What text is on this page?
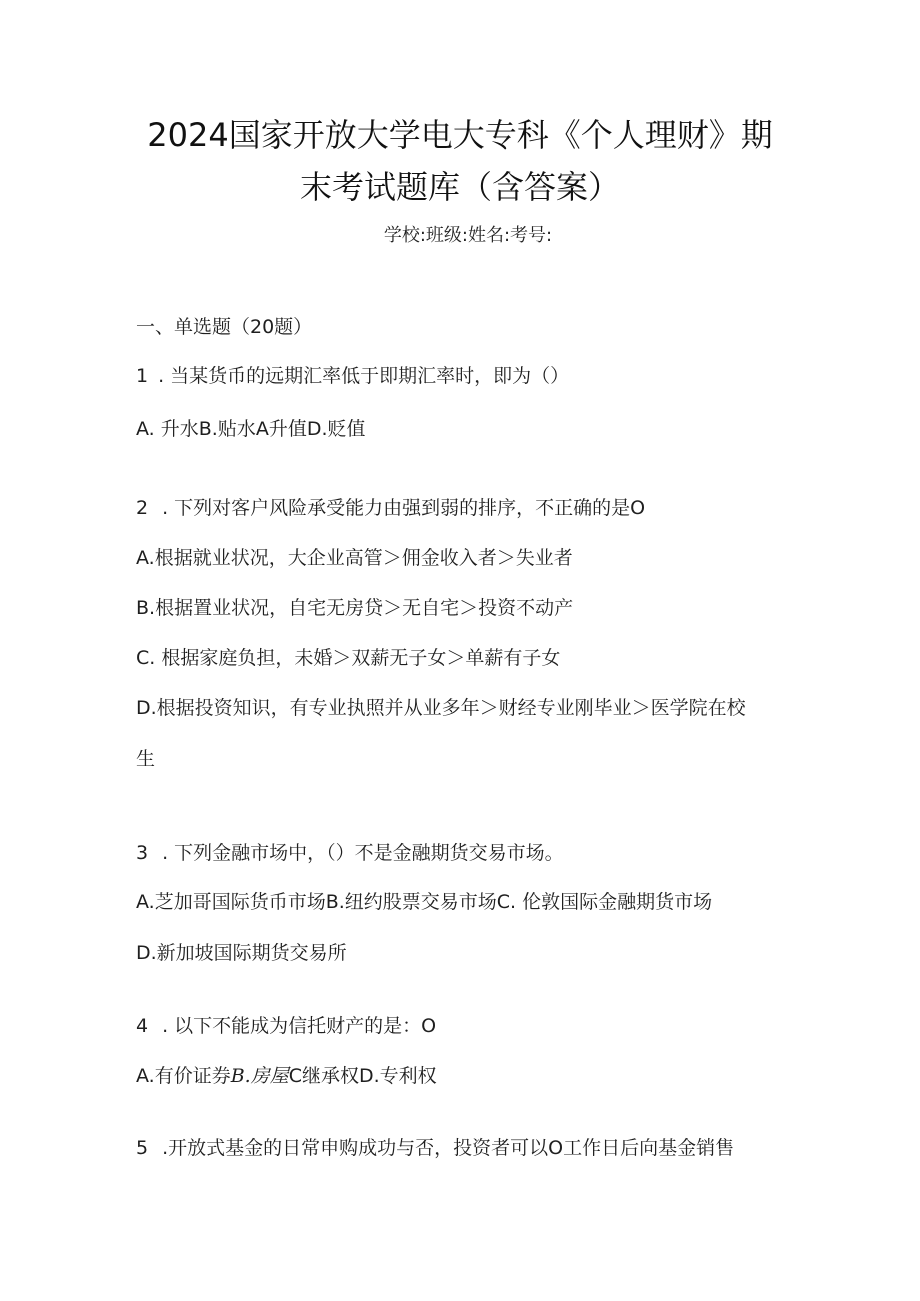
2024国家开放大学电大专科《个人理财》期
末考试题库（含答案）
学校:班级:姓名:考号:
一、单选题（20题）
1 . 当某货币的远期汇率低于即期汇率时，即为（）
A. 升水B.贴水A升值D.贬值
2 . 下列对客户风险承受能力由强到弱的排序，不正确的是O
A.根据就业状况，大企业高管＞佣金收入者＞失业者
B.根据置业状况，自宅无房贷＞无自宅＞投资不动产
C. 根据家庭负担，未婚＞双薪无子女＞单薪有子女
D.根据投资知识，有专业执照并从业多年＞财经专业刚毕业＞医学院在校
生
3 . 下列金融市场中，（）不是金融期货交易市场。
A.芝加哥国际货币市场B.纽约股票交易市场C. 伦敦国际金融期货市场
D.新加坡国际期货交易所
4 . 以下不能成为信托财产的是：O
A.有价证券B.房屋C继承权D.专利权
5 .开放式基金的日常申购成功与否，投资者可以O工作日后向基金销售
